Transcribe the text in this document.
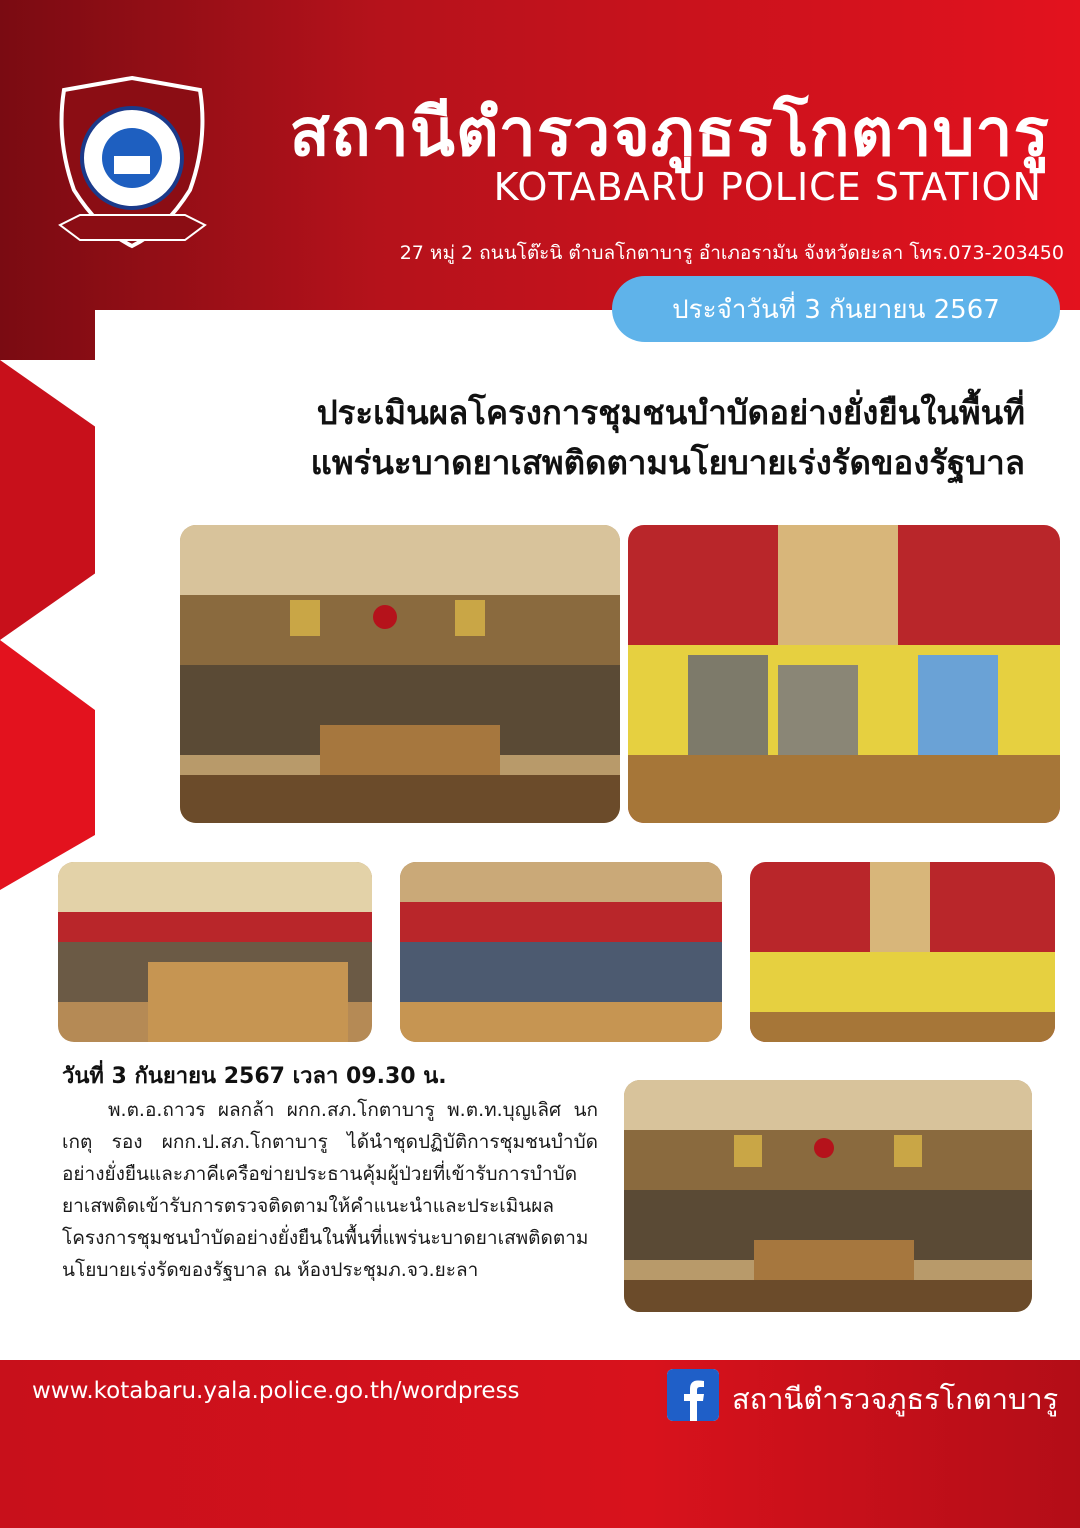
สถานีตำรวจภูธรโกตาบารู
KOTABARU POLICE STATION
27 หมู่ 2 ถนนโต๊ะนิ ตำบลโกตาบารู อำเภอรามัน จังหวัดยะลา โทร.073-203450
ประจำวันที่ 3 กันยายน 2567
ประเมินผลโครงการชุมชนบำบัดอย่างยั่งยืนในพื้นที่
แพร่นะบาดยาเสพติดตามนโยบายเร่งรัดของรัฐบาล
วันที่ 3 กันยายน 2567 เวลา 09.30 น.
พ.ต.อ.ถาวร ผลกล้า ผกก.สภ.โกตาบารู พ.ต.ท.บุญเลิศ นกเกตุ รอง ผกก.ป.สภ.โกตาบารู ได้นำชุดปฏิบัติการชุมชนบำบัดอย่างยั่งยืนและภาคีเครือข่ายประธานคุ้มผู้ป่วยที่เข้ารับการบำบัดยาเสพติดเข้ารับการตรวจติดตามให้คำแนะนำและประเมินผลโครงการชุมชนบำบัดอย่างยั่งยืนในพื้นที่แพร่นะบาดยาเสพติดตามนโยบายเร่งรัดของรัฐบาล ณ ห้องประชุมภ.จว.ยะลา
www.kotabaru.yala.police.go.th/wordpress	สถานีตำรวจภูธรโกตาบารู
